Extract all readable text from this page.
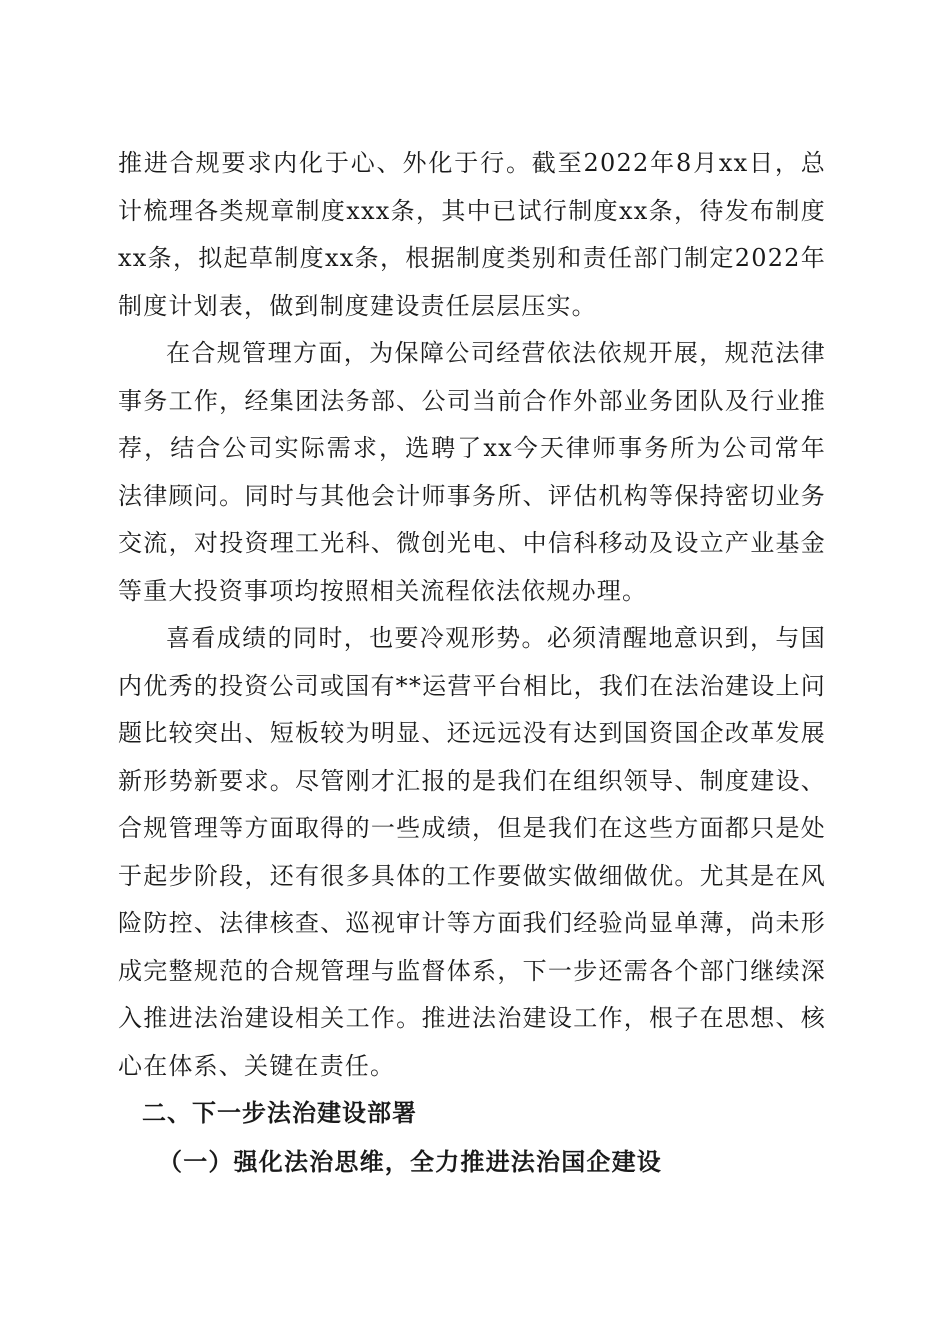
推进合规要求内化于心、外化于行。截至2022年8月xx日，总计梳理各类规章制度xxx条，其中已试行制度xx条，待发布制度xx条，拟起草制度xx条，根据制度类别和责任部门制定2022年制度计划表，做到制度建设责任层层压实。

在合规管理方面，为保障公司经营依法依规开展，规范法律事务工作，经集团法务部、公司当前合作外部业务团队及行业推荐，结合公司实际需求，选聘了xx今天律师事务所为公司常年法律顾问。同时与其他会计师事务所、评估机构等保持密切业务交流，对投资理工光科、微创光电、中信科移动及设立产业基金等重大投资事项均按照相关流程依法依规办理。

喜看成绩的同时，也要冷观形势。必须清醒地意识到，与国内优秀的投资公司或国有**运营平台相比，我们在法治建设上问题比较突出、短板较为明显、还远远没有达到国资国企改革发展新形势新要求。尽管刚才汇报的是我们在组织领导、制度建设、合规管理等方面取得的一些成绩，但是我们在这些方面都只是处于起步阶段，还有很多具体的工作要做实做细做优。尤其是在风险防控、法律核查、巡视审计等方面我们经验尚显单薄，尚未形成完整规范的合规管理与监督体系，下一步还需各个部门继续深入推进法治建设相关工作。推进法治建设工作，根子在思想、核心在体系、关键在责任。

二、下一步法治建设部署
（一）强化法治思维，全力推进法治国企建设
